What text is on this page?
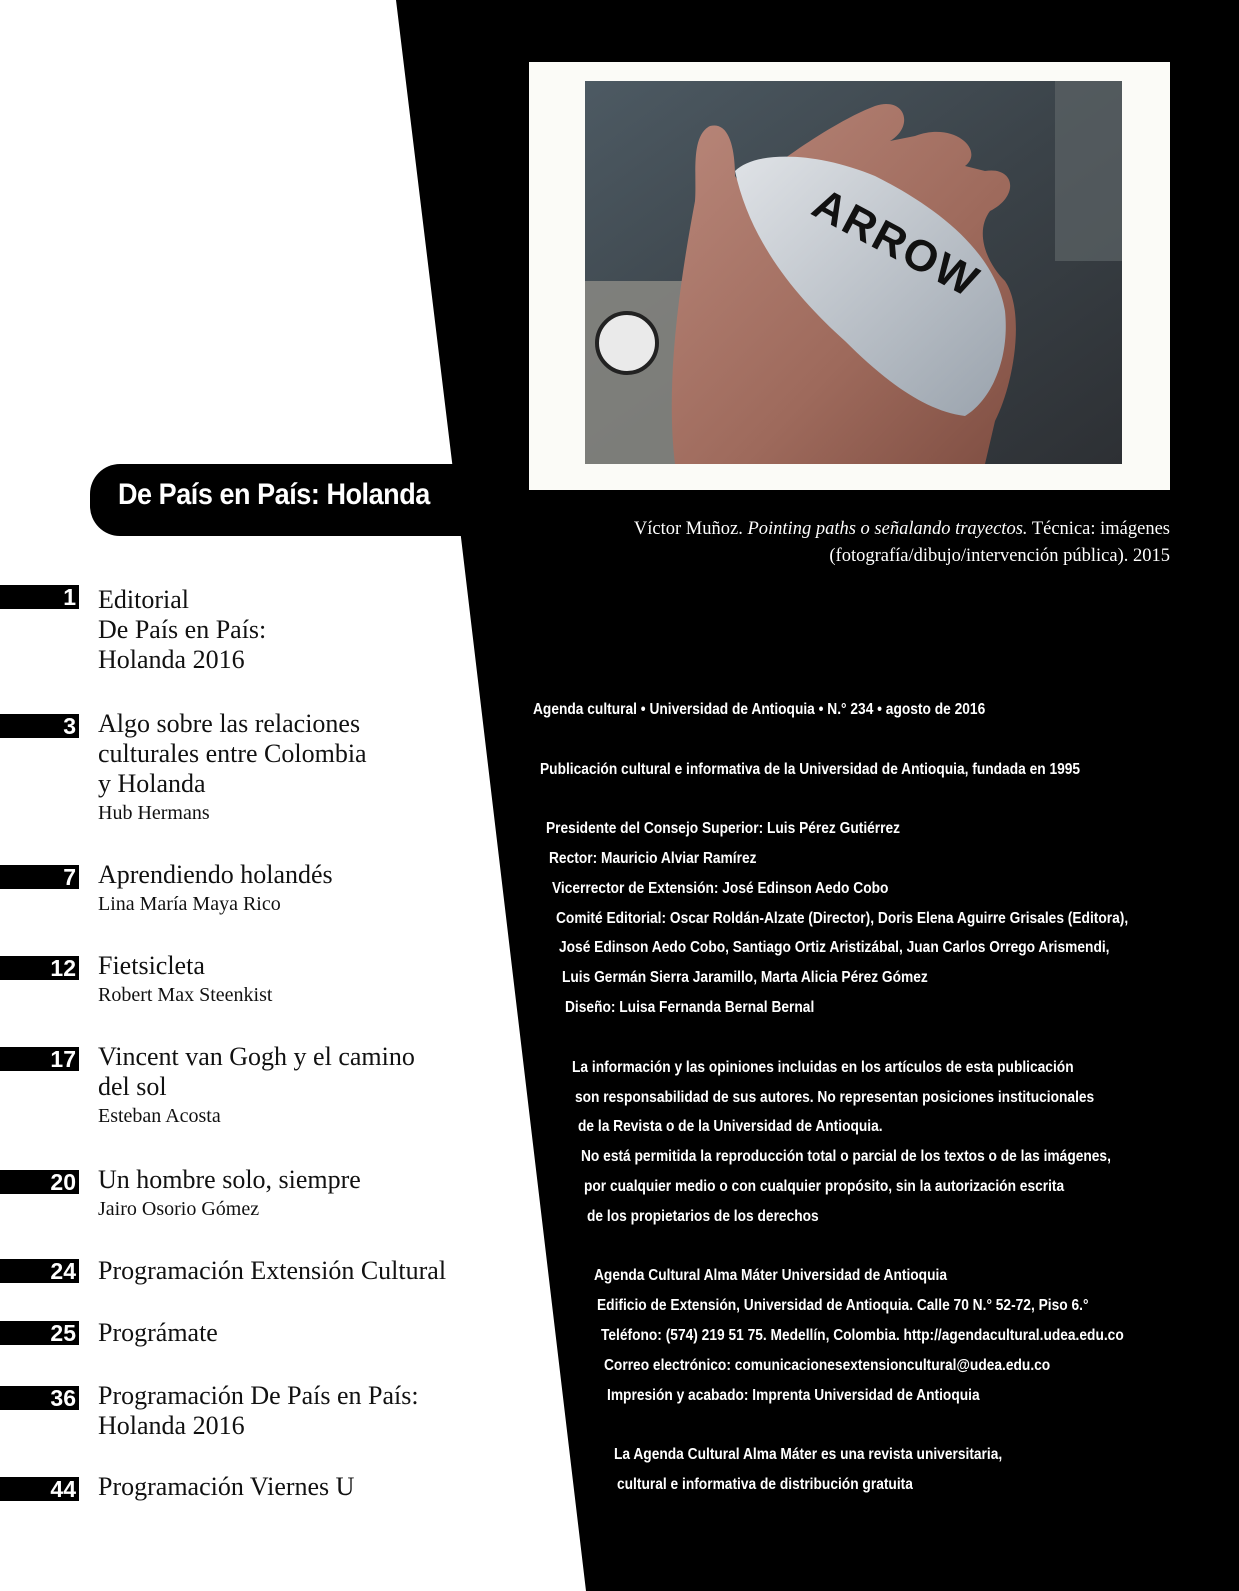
ARROW
Víctor Muñoz. Pointing paths o señalando trayectos. Técnica: imágenes
(fotografía/dibujo/intervención pública). 2015
De País en País: Holanda
1 Editorial
De País en País:
Holanda 2016
3 Algo sobre las relaciones
culturales entre Colombia
y Holanda
Hub Hermans
7 Aprendiendo holandés
Lina María Maya Rico
12 Fietsicleta
Robert Max Steenkist
17 Vincent van Gogh y el camino
del sol
Esteban Acosta
20 Un hombre solo, siempre
Jairo Osorio Gómez
24 Programación Extensión Cultural
25 Prográmate
36 Programación De País en País:
Holanda 2016
44 Programación Viernes U
Agenda cultural • Universidad de Antioquia • N.° 234 • agosto de 2016
Publicación cultural e informativa de la Universidad de Antioquia, fundada en 1995
Presidente del Consejo Superior: Luis Pérez Gutiérrez
Rector: Mauricio Alviar Ramírez
Vicerrector de Extensión: José Edinson Aedo Cobo
Comité Editorial: Oscar Roldán-Alzate (Director), Doris Elena Aguirre Grisales (Editora),
José Edinson Aedo Cobo, Santiago Ortiz Aristizábal, Juan Carlos Orrego Arismendi,
Luis Germán Sierra Jaramillo, Marta Alicia Pérez Gómez
Diseño: Luisa Fernanda Bernal Bernal
La información y las opiniones incluidas en los artículos de esta publicación
son responsabilidad de sus autores. No representan posiciones institucionales
de la Revista o de la Universidad de Antioquia.
No está permitida la reproducción total o parcial de los textos o de las imágenes,
por cualquier medio o con cualquier propósito, sin la autorización escrita
de los propietarios de los derechos
Agenda Cultural Alma Máter Universidad de Antioquia
Edificio de Extensión, Universidad de Antioquia. Calle 70 N.° 52-72, Piso 6.°
Teléfono: (574) 219 51 75. Medellín, Colombia. http://agendacultural.udea.edu.co
Correo electrónico: comunicacionesextensioncultural@udea.edu.co
Impresión y acabado: Imprenta Universidad de Antioquia
La Agenda Cultural Alma Máter es una revista universitaria,
cultural e informativa de distribución gratuita
